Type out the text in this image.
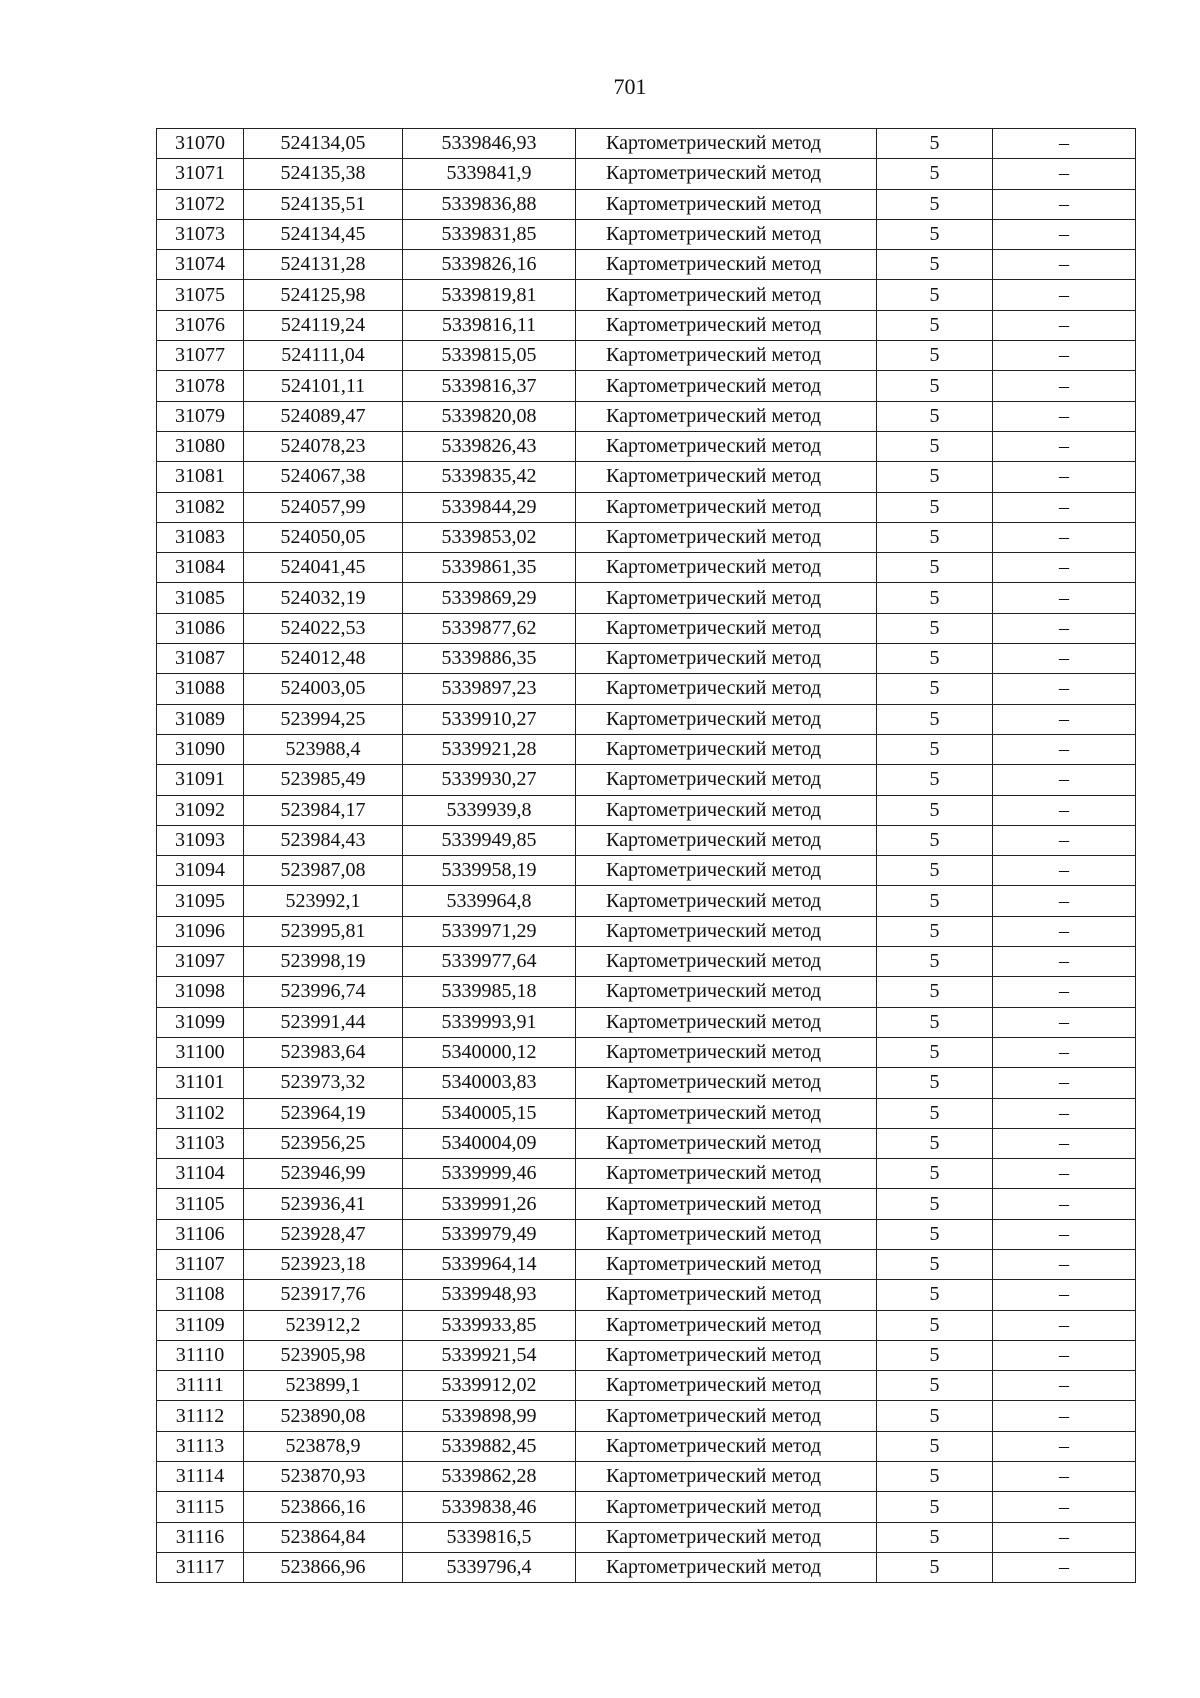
701
31070	524134,05	5339846,93	Картометрический метод	5	–
31071	524135,38	5339841,9	Картометрический метод	5	–
31072	524135,51	5339836,88	Картометрический метод	5	–
31073	524134,45	5339831,85	Картометрический метод	5	–
31074	524131,28	5339826,16	Картометрический метод	5	–
31075	524125,98	5339819,81	Картометрический метод	5	–
31076	524119,24	5339816,11	Картометрический метод	5	–
31077	524111,04	5339815,05	Картометрический метод	5	–
31078	524101,11	5339816,37	Картометрический метод	5	–
31079	524089,47	5339820,08	Картометрический метод	5	–
31080	524078,23	5339826,43	Картометрический метод	5	–
31081	524067,38	5339835,42	Картометрический метод	5	–
31082	524057,99	5339844,29	Картометрический метод	5	–
31083	524050,05	5339853,02	Картометрический метод	5	–
31084	524041,45	5339861,35	Картометрический метод	5	–
31085	524032,19	5339869,29	Картометрический метод	5	–
31086	524022,53	5339877,62	Картометрический метод	5	–
31087	524012,48	5339886,35	Картометрический метод	5	–
31088	524003,05	5339897,23	Картометрический метод	5	–
31089	523994,25	5339910,27	Картометрический метод	5	–
31090	523988,4	5339921,28	Картометрический метод	5	–
31091	523985,49	5339930,27	Картометрический метод	5	–
31092	523984,17	5339939,8	Картометрический метод	5	–
31093	523984,43	5339949,85	Картометрический метод	5	–
31094	523987,08	5339958,19	Картометрический метод	5	–
31095	523992,1	5339964,8	Картометрический метод	5	–
31096	523995,81	5339971,29	Картометрический метод	5	–
31097	523998,19	5339977,64	Картометрический метод	5	–
31098	523996,74	5339985,18	Картометрический метод	5	–
31099	523991,44	5339993,91	Картометрический метод	5	–
31100	523983,64	5340000,12	Картометрический метод	5	–
31101	523973,32	5340003,83	Картометрический метод	5	–
31102	523964,19	5340005,15	Картометрический метод	5	–
31103	523956,25	5340004,09	Картометрический метод	5	–
31104	523946,99	5339999,46	Картометрический метод	5	–
31105	523936,41	5339991,26	Картометрический метод	5	–
31106	523928,47	5339979,49	Картометрический метод	5	–
31107	523923,18	5339964,14	Картометрический метод	5	–
31108	523917,76	5339948,93	Картометрический метод	5	–
31109	523912,2	5339933,85	Картометрический метод	5	–
31110	523905,98	5339921,54	Картометрический метод	5	–
31111	523899,1	5339912,02	Картометрический метод	5	–
31112	523890,08	5339898,99	Картометрический метод	5	–
31113	523878,9	5339882,45	Картометрический метод	5	–
31114	523870,93	5339862,28	Картометрический метод	5	–
31115	523866,16	5339838,46	Картометрический метод	5	–
31116	523864,84	5339816,5	Картометрический метод	5	–
31117	523866,96	5339796,4	Картометрический метод	5	–
